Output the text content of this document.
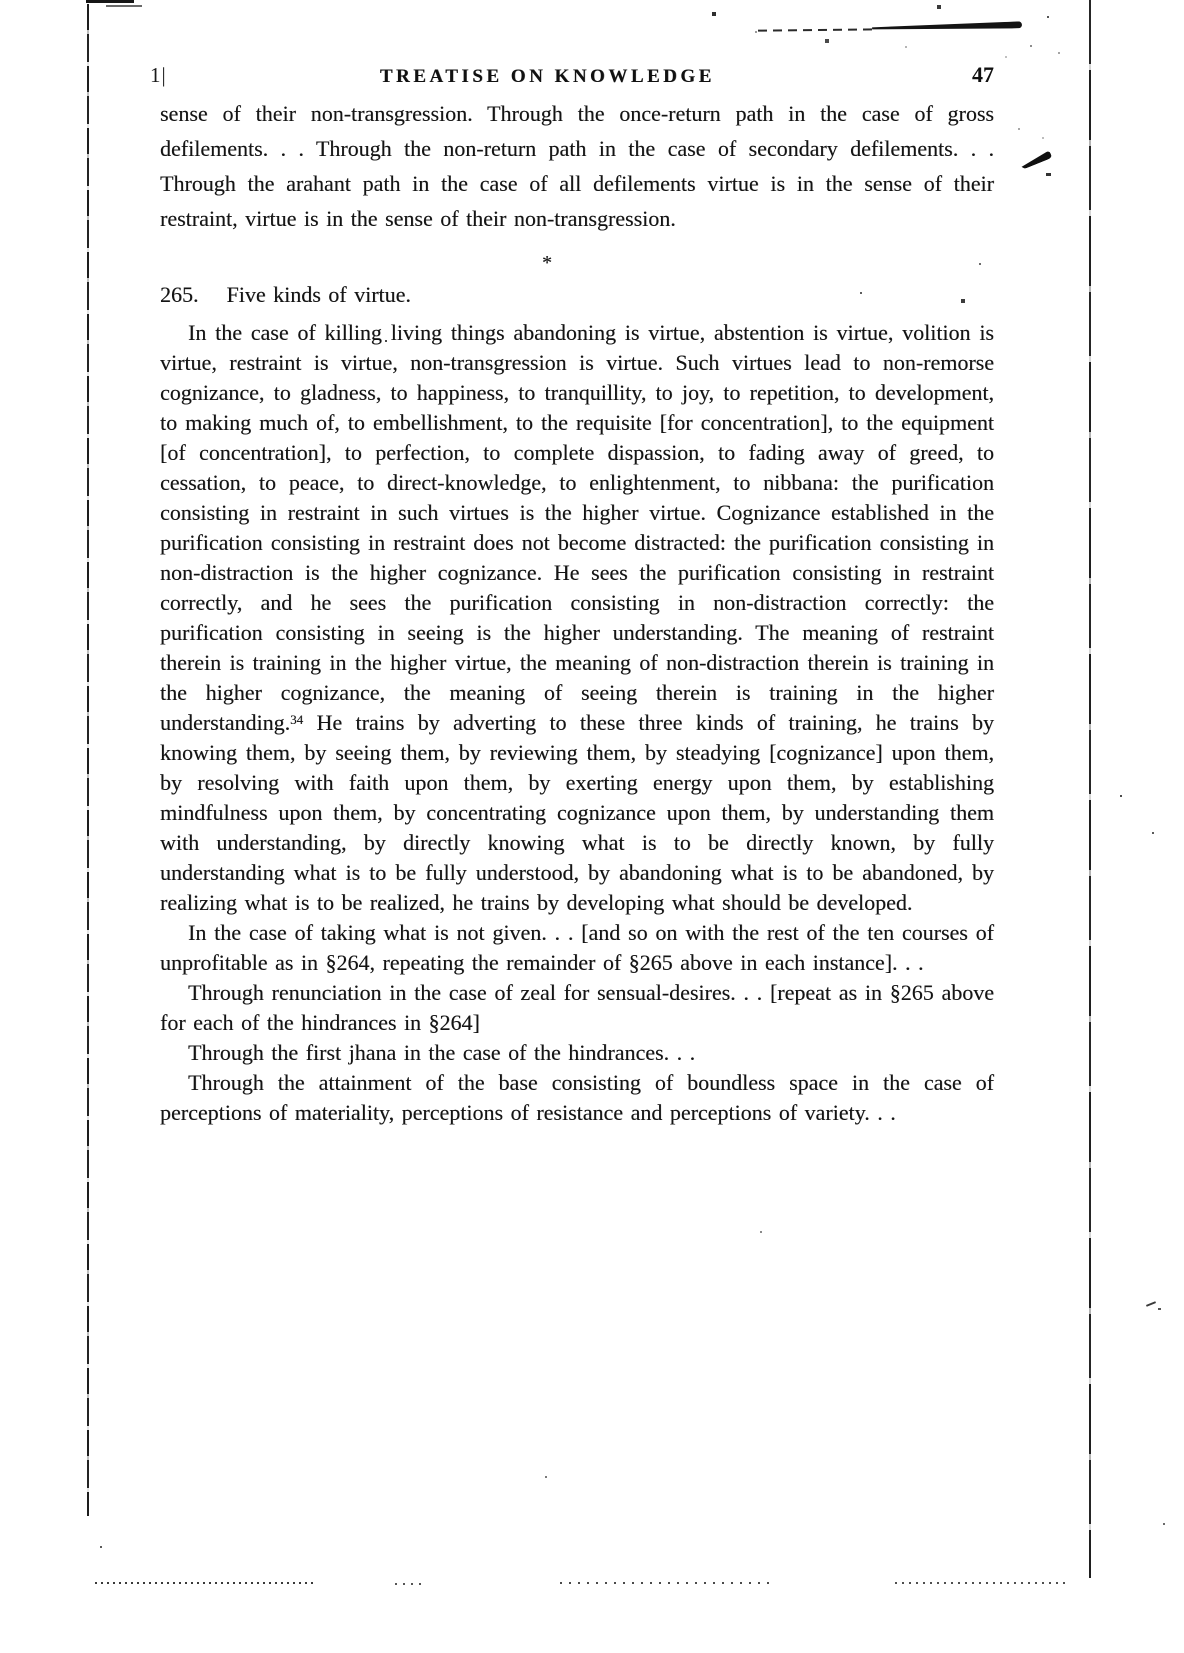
1|	TREATISE ON KNOWLEDGE	47

sense of their non-transgression. Through the once-return path in the case of gross defilements. . . Through the non-return path in the case of secondary defilements. . . Through the arahant path in the case of all defilements virtue is in the sense of their restraint, virtue is in the sense of their non-transgression.

*

265. Five kinds of virtue.

In the case of killing living things abandoning is virtue, abstention is virtue, volition is virtue, restraint is virtue, non-transgression is virtue. Such virtues lead to non-remorse cognizance, to gladness, to happiness, to tranquillity, to joy, to repetition, to development, to making much of, to embellishment, to the requisite [for concentration], to the equipment [of concentration], to perfection, to complete dispassion, to fading away of greed, to cessation, to peace, to direct-knowledge, to enlightenment, to nibbana: the purification consisting in restraint in such virtues is the higher virtue. Cognizance established in the purification consisting in restraint does not become distracted: the purification consisting in non-distraction is the higher cognizance. He sees the purification consisting in restraint correctly, and he sees the purification consisting in non-distraction correctly: the purification consisting in seeing is the higher understanding. The meaning of restraint therein is training in the higher virtue, the meaning of non-distraction therein is training in the higher cognizance, the meaning of seeing therein is training in the higher understanding.$^{34}$ He trains by adverting to these three kinds of training, he trains by knowing them, by seeing them, by reviewing them, by steadying [cognizance] upon them, by resolving with faith upon them, by exerting energy upon them, by establishing mindfulness upon them, by concentrating cognizance upon them, by understanding them with understanding, by directly knowing what is to be directly known, by fully understanding what is to be fully understood, by abandoning what is to be abandoned, by realizing what is to be realized, he trains by developing what should be developed.

In the case of taking what is not given. . . [and so on with the rest of the ten courses of unprofitable as in §264, repeating the remainder of §265 above in each instance]. . .

Through renunciation in the case of zeal for sensual-desires. . . [repeat as in §265 above for each of the hindrances in §264]

Through the first jhana in the case of the hindrances. . .

Through the attainment of the base consisting of boundless space in the case of perceptions of materiality, perceptions of resistance and perceptions of variety. . .
